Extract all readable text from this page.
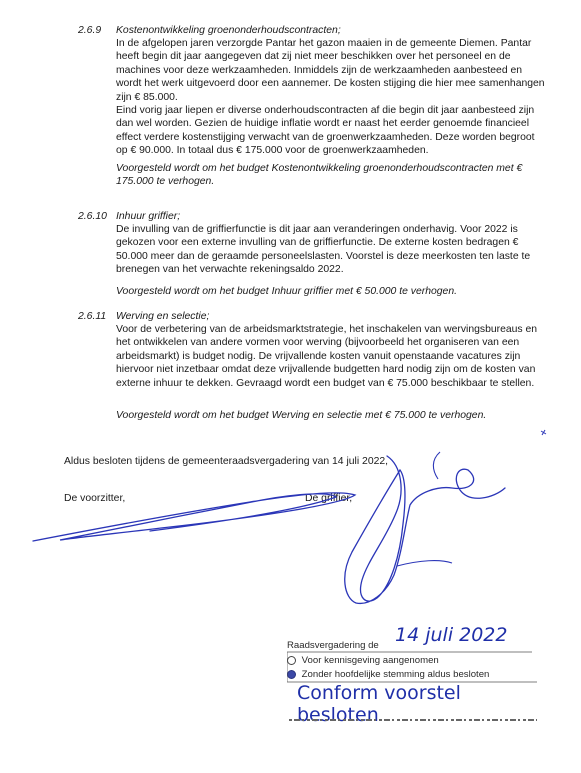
2.6.9 Kostenontwikkeling groenonderhoudscontracten;

In de afgelopen jaren verzorgde Pantar het gazon maaien in de gemeente Diemen. Pantar heeft begin dit jaar aangegeven dat zij niet meer beschikken over het personeel en de machines voor deze werkzaamheden. Inmiddels zijn de werkzaamheden aanbesteed en wordt het werk uitgevoerd door een aannemer. De kosten stijging die hier mee samenhangen zijn € 85.000.

Eind vorig jaar liepen er diverse onderhoudscontracten af die begin dit jaar aanbesteed zijn dan wel worden. Gezien de huidige inflatie wordt er naast het eerder genoemde financieel effect verdere kostenstijging verwacht van de groenwerkzaamheden. Deze worden begroot op € 90.000. In totaal dus € 175.000 voor de groenwerkzaamheden.

Voorgesteld wordt om het budget Kostenontwikkeling groenonderhoudscontracten met € 175.000 te verhogen.
2.6.10 Inhuur griffier;

De invulling van de griffierfunctie is dit jaar aan veranderingen onderhavig. Voor 2022 is gekozen voor een externe invulling van de griffierfunctie. De externe kosten bedragen € 50.000 meer dan de geraamde personeelslasten. Voorstel is deze meerkosten ten laste te brenegen van het verwachte rekeningsaldo 2022.

Voorgesteld wordt om het budget Inhuur griffier met € 50.000 te verhogen.
2.6.11 Werving en selectie;

Voor de verbetering van de arbeidsmarktstrategie, het inschakelen van wervingsbureaus en het ontwikkelen van andere vormen voor werving (bijvoorbeeld het organiseren van een arbeidsmarkt) is budget nodig. De vrijvallende kosten vanuit openstaande vacatures zijn hiervoor niet inzetbaar omdat deze vrijvallende budgetten hard nodig zijn om de kosten van externe inhuur te dekken. Gevraagd wordt een budget van € 75.000 beschikbaar te stellen.

Voorgesteld wordt om het budget Werving en selectie met € 75.000 te verhogen.
Aldus besloten tijdens de gemeenteraadsvergadering van 14 juli 2022,
De voorzitter,	De griffier,
Raadsvergadering de 14 juli 2022
Voor kennisgeving aangenomen
Zonder hoofdelijke stemming aldus besloten
Conform voorstel besloten
